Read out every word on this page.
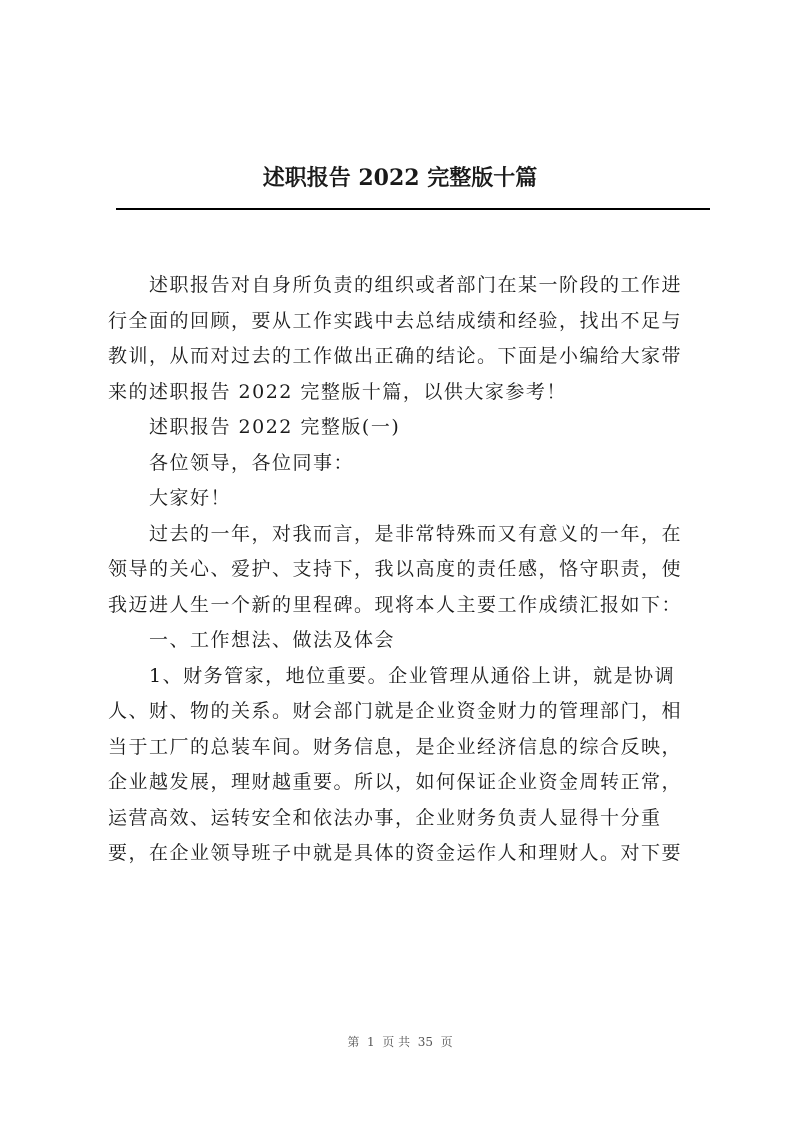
述职报告 2022 完整版十篇

述职报告对自身所负责的组织或者部门在某一阶段的工作进
行全面的回顾，要从工作实践中去总结成绩和经验，找出不足与
教训，从而对过去的工作做出正确的结论。下面是小编给大家带
来的述职报告 2022 完整版十篇，以供大家参考！

述职报告 2022 完整版(一)

各位领导，各位同事：

大家好！

过去的一年，对我而言，是非常特殊而又有意义的一年，在
领导的关心、爱护、支持下，我以高度的责任感，恪守职责，使
我迈进人生一个新的里程碑。现将本人主要工作成绩汇报如下：

一、工作想法、做法及体会

1、财务管家，地位重要。企业管理从通俗上讲，就是协调
人、财、物的关系。财会部门就是企业资金财力的管理部门，相
当于工厂的总装车间。财务信息，是企业经济信息的综合反映，
企业越发展，理财越重要。所以，如何保证企业资金周转正常，
运营高效、运转安全和依法办事，企业财务负责人显得十分重
要，在企业领导班子中就是具体的资金运作人和理财人。对下要

第  1  页 共  35  页
